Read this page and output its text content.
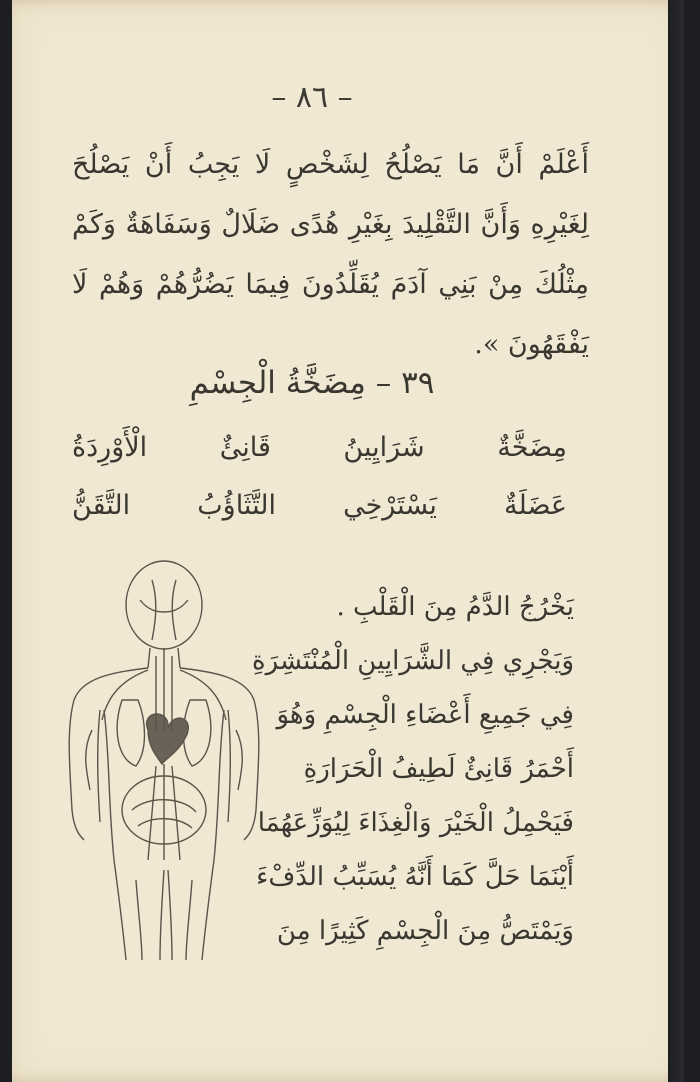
– ٨٦ –
أَعْلَمْ أَنَّ مَا يَصْلُحُ لِشَخْصٍ لَا يَجِبُ أَنْ يَصْلُحَ لِغَيْرِهِ وَأَنَّ التَّقْلِيدَ بِغَيْرِ هُدًى ضَلَالٌ وَسَفَاهَةٌ وَكَمْ مِثْلُكَ مِنْ بَنِي آدَمَ يُقَلِّدُونَ فِيمَا يَضُرُّهُمْ وَهُمْ لَا يَفْقَهُونَ ».
٣٩ – مِضَخَّةُ الْجِسْمِ
مِضَخَّةٌ
شَرَايِينُ
قَانِئٌ
الْأَوْرِدَةُ
عَضَلَةٌ
يَسْتَرْخِي
التَّثَاؤُبُ
التَّقَنُّ
يَخْرُجُ الدَّمُ مِنَ الْقَلْبِ .
وَيَجْرِي فِي الشَّرَايِينِ الْمُنْتَشِرَةِ
فِي جَمِيعِ أَعْضَاءِ الْجِسْمِ وَهُوَ
أَحْمَرُ قَانِئٌ لَطِيفُ الْحَرَارَةِ
فَيَحْمِلُ الْخَيْرَ وَالْغِذَاءَ لِيُوَزِّعَهُمَا
أَيْنَمَا حَلَّ كَمَا أَنَّهُ يُسَبِّبُ الدِّفْءَ
وَيَمْتَصُّ مِنَ الْجِسْمِ كَثِيرًا مِنَ
